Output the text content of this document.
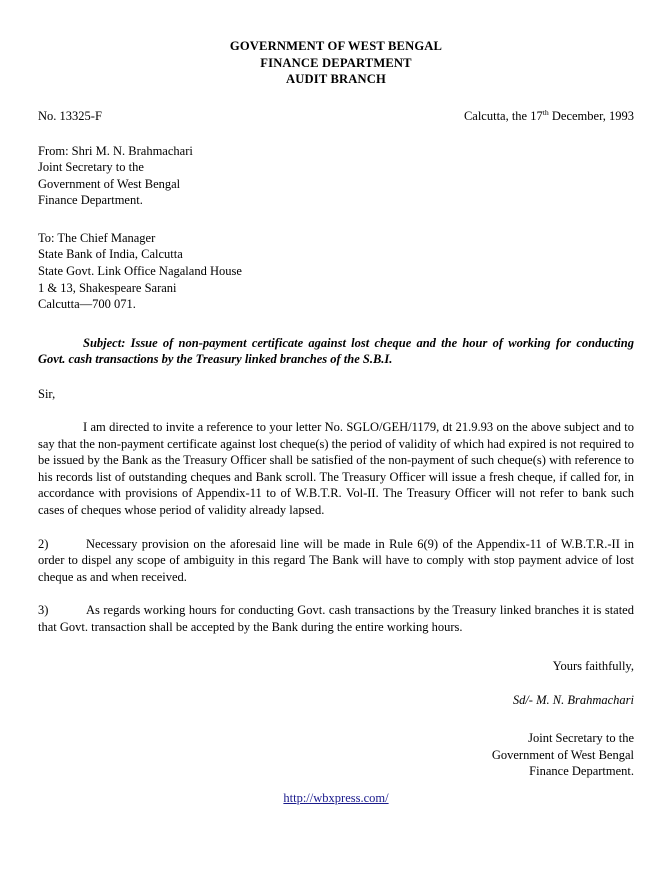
GOVERNMENT OF WEST BENGAL
FINANCE DEPARTMENT
AUDIT BRANCH
No. 13325-F	Calcutta, the 17th December, 1993
From: Shri M. N. Brahmachari
Joint Secretary to the
Government of West Bengal
Finance Department.
To: The Chief Manager
State Bank of India, Calcutta
State Govt. Link Office Nagaland House
1 & 13, Shakespeare Sarani
Calcutta—700 071.
Subject: Issue of non-payment certificate against lost cheque and the hour of working for conducting Govt. cash transactions by the Treasury linked branches of the S.B.I.
Sir,
I am directed to invite a reference to your letter No. SGLO/GEH/1179, dt 21.9.93 on the above subject and to say that the non-payment certificate against lost cheque(s) the period of validity of which had expired is not required to be issued by the Bank as the Treasury Officer shall be satisfied of the non-payment of such cheque(s) with reference to his records list of outstanding cheques and Bank scroll. The Treasury Officer will issue a fresh cheque, if called for, in accordance with provisions of Appendix-11 to of W.B.T.R. Vol-II. The Treasury Officer will not refer to bank such cases of cheques whose period of validity already lapsed.
2)	Necessary provision on the aforesaid line will be made in Rule 6(9) of the Appendix-11 of W.B.T.R.-II in order to dispel any scope of ambiguity in this regard The Bank will have to comply with stop payment advice of lost cheque as and when received.
3)	As regards working hours for conducting Govt. cash transactions by the Treasury linked branches it is stated that Govt. transaction shall be accepted by the Bank during the entire working hours.
Yours faithfully,
Sd/- M. N. Brahmachari
Joint Secretary to the
Government of West Bengal
Finance Department.
http://wbxpress.com/
